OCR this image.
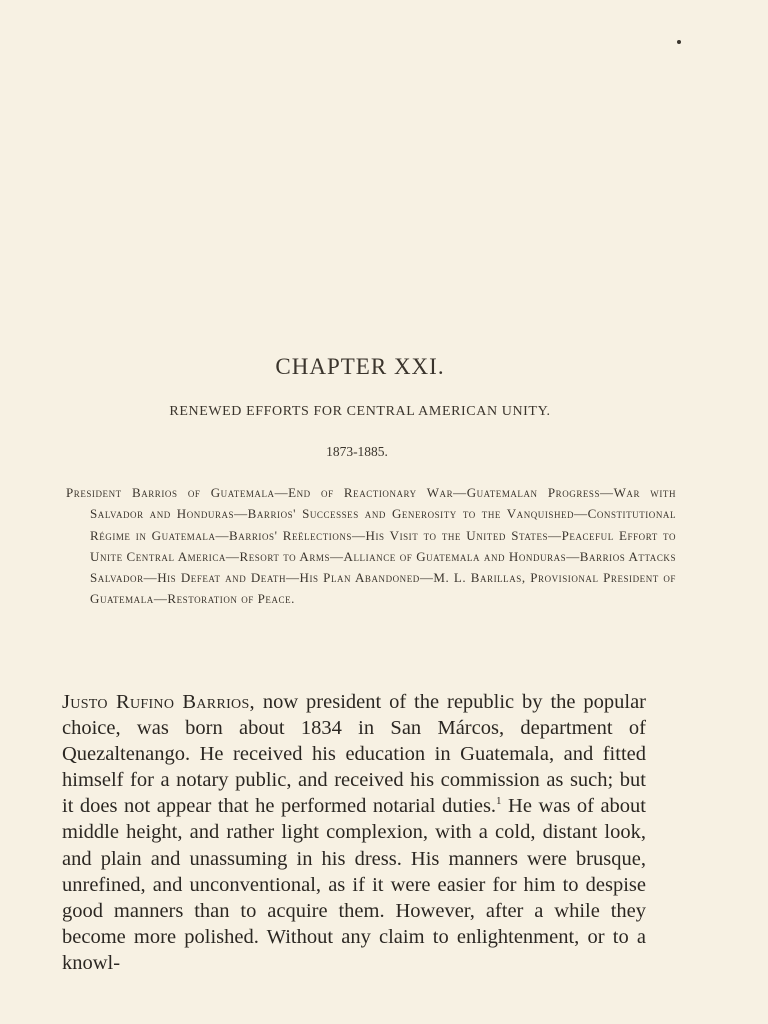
CHAPTER XXI.

RENEWED EFFORTS FOR CENTRAL AMERICAN UNITY.

1873-1885.

President Barrios of Guatemala—End of Reactionary War—Guatemalan Progress—War with Salvador and Honduras—Barrios' Successes and Generosity to the Vanquished—Constitutional Régime in Guatemala—Barrios' Reëlections—His Visit to the United States—Peaceful Effort to Unite Central America—Resort to Arms—Alliance of Guatemala and Honduras—Barrios Attacks Salvador—His Defeat and Death—His Plan Abandoned—M. L. Barillas, Provisional President of Guatemala—Restoration of Peace.

Justo Rufino Barrios, now president of the republic by the popular choice, was born about 1834 in San Márcos, department of Quezaltenango. He received his education in Guatemala, and fitted himself for a notary public, and received his commission as such; but it does not appear that he performed notarial duties.$^1$ He was of about middle height, and rather light complexion, with a cold, distant look, and plain and unassuming in his dress. His manners were brusque, unrefined, and unconventional, as if it were easier for him to despise good manners than to acquire them. However, after a while they become more polished. Without any claim to enlightenment, or to a knowl-
